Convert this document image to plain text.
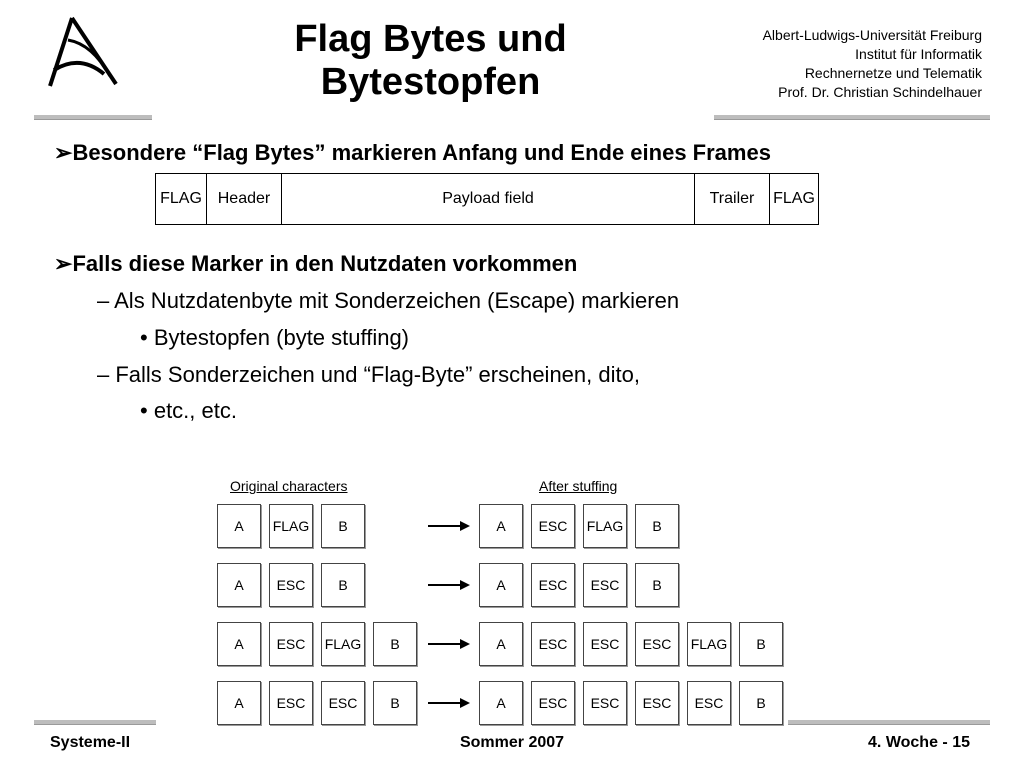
Flag Bytes und
Bytestopfen
Albert-Ludwigs-Universität Freiburg
Institut für Informatik
Rechnernetze und Telematik
Prof. Dr. Christian Schindelhauer
➢Besondere “Flag Bytes” markieren Anfang und Ende eines Frames
FLAG Header	Payload field	Trailer	FLAG
➢Falls diese Marker in den Nutzdaten vorkommen
– Als Nutzdatenbyte mit Sonderzeichen (Escape) markieren
• Bytestopfen (byte stuffing)
– Falls Sonderzeichen und “Flag-Byte” erscheinen, dito,
• etc., etc.
Original characters	After stuffing
A	FLAG	B	A	ESC	FLAG	B
A	ESC	B	A	ESC	ESC	B
A	ESC	FLAG	B	A	ESC	ESC	ESC	FLAG	B
A	ESC	ESC	B	A	ESC	ESC	ESC	ESC	B
Systeme-II	Sommer 2007	4. Woche - 15
